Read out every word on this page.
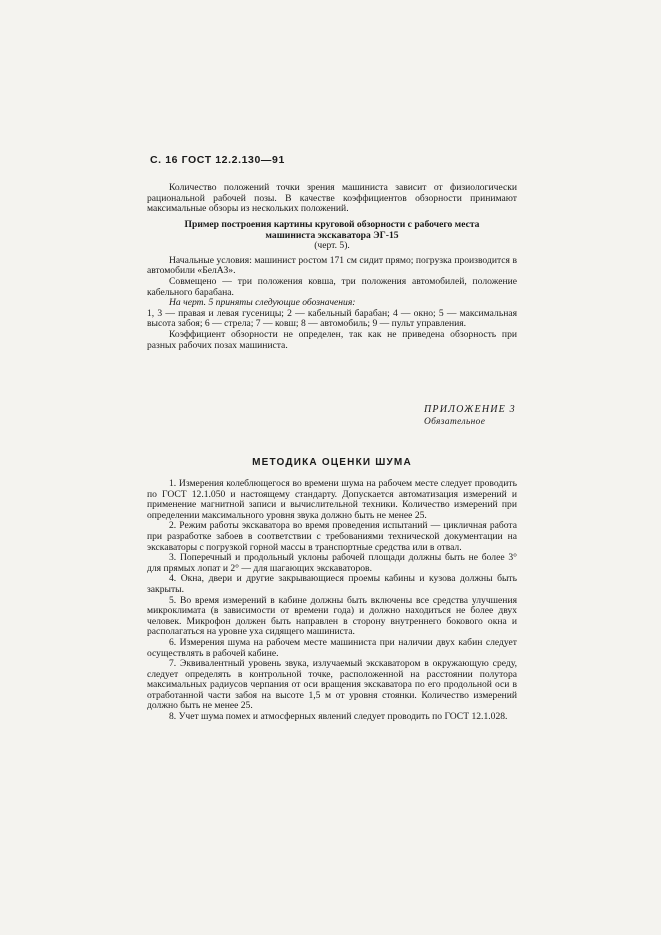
С. 16 ГОСТ 12.2.130—91

Количество положений точки зрения машиниста зависит от физиологически рациональной рабочей позы. В качестве коэффициентов обзорности принимают максимальные обзоры из нескольких положений.

Пример построения картины круговой обзорности с рабочего места
машиниста экскаватора ЭГ-15
(черт. 5).

Начальные условия: машинист ростом 171 см сидит прямо; погрузка производится в автомобили «БелАЗ».

Совмещено — три положения ковша, три положения автомобилей, положение кабельного барабана.

На черт. 5 приняты следующие обозначения:

1, 3 — правая и левая гусеницы; 2 — кабельный барабан; 4 — окно; 5 — максимальная высота забоя; 6 — стрела; 7 — ковш; 8 — автомобиль; 9 — пульт управления.

Коэффициент обзорности не определен, так как не приведена обзорность при разных рабочих позах машиниста.

ПРИЛОЖЕНИЕ 3
Обязательное
МЕТОДИКА ОЦЕНКИ ШУМА

1. Измерения колеблющегося во времени шума на рабочем месте следует проводить по ГОСТ 12.1.050 и настоящему стандарту. Допускается автоматизация измерений и применение магнитной записи и вычислительной техники. Количество измерений при определении максимального уровня звука должно быть не менее 25.

2. Режим работы экскаватора во время проведения испытаний — цикличная работа при разработке забоев в соответствии с требованиями технической документации на экскаваторы с погрузкой горной массы в транспортные средства или в отвал.

3. Поперечный и продольный уклоны рабочей площади должны быть не более 3° для прямых лопат и 2° — для шагающих экскаваторов.

4. Окна, двери и другие закрывающиеся проемы кабины и кузова должны быть закрыты.

5. Во время измерений в кабине должны быть включены все средства улучшения микроклимата (в зависимости от времени года) и должно находиться не более двух человек. Микрофон должен быть направлен в сторону внутреннего бокового окна и располагаться на уровне уха сидящего машиниста.

6. Измерения шума на рабочем месте машиниста при наличии двух кабин следует осуществлять в рабочей кабине.

7. Эквивалентный уровень звука, излучаемый экскаватором в окружающую среду, следует определять в контрольной точке, расположенной на расстоянии полутора максимальных радиусов черпания от оси вращения экскаватора по его продольной оси в отработанной части забоя на высоте 1,5 м от уровня стоянки. Количество измерений должно быть не менее 25.

8. Учет шума помех и атмосферных явлений следует проводить по ГОСТ 12.1.028.
